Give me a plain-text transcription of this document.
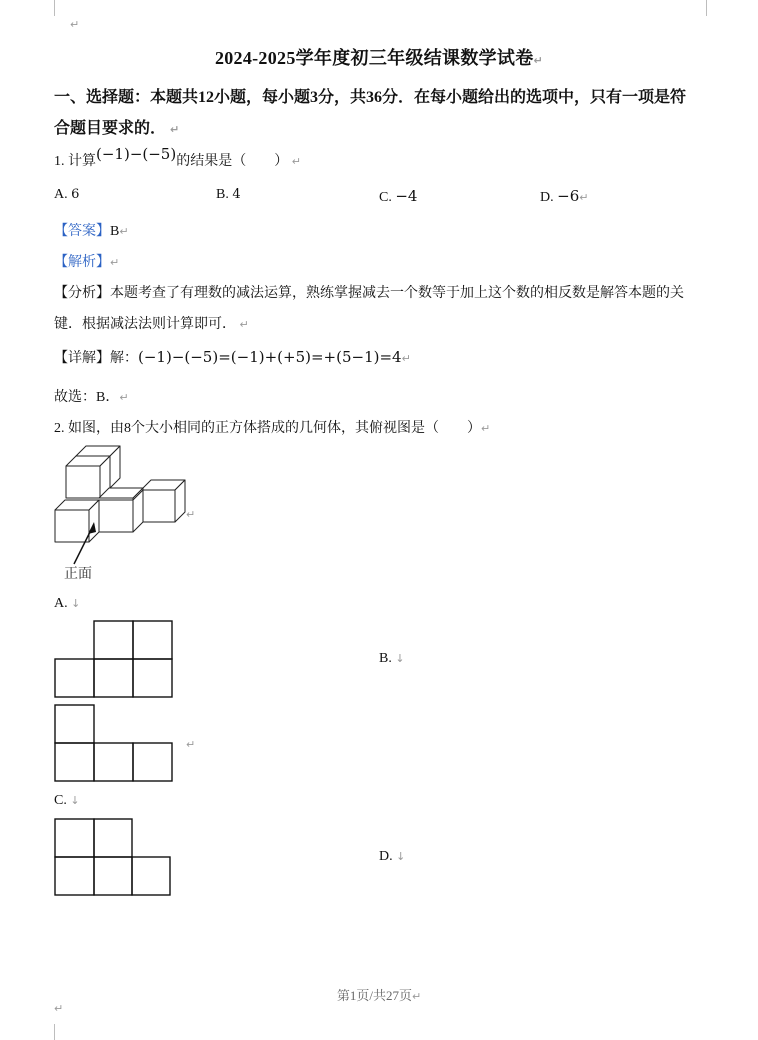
↵
2024-2025学年度初三年级结课数学试卷↵
一、选择题：本题共12小题，每小题3分，共36分．在每小题给出的选项中，只有一项是符
合题目要求的． ↵
1. 计算(−1)−(−5)的结果是（　　） ↵
A. 6	B. 4	C. −4	D. −6↵
【答案】B↵
【解析】↵
【分析】本题考查了有理数的减法运算，熟练掌握减去一个数等于加上这个数的相反数是解答本题的关
键．根据减法法则计算即可． ↵
【详解】解：(−1)−(−5)=(−1)+(+5)=+(5−1)=4↵
故选：B．↵
2. 如图，由8个大小相同的正方体搭成的几何体，其俯视图是（　　）↵
↵
正面
A. ↓
B. ↓
↵
C. ↓
D. ↓
第1页/共27页↵
↵
